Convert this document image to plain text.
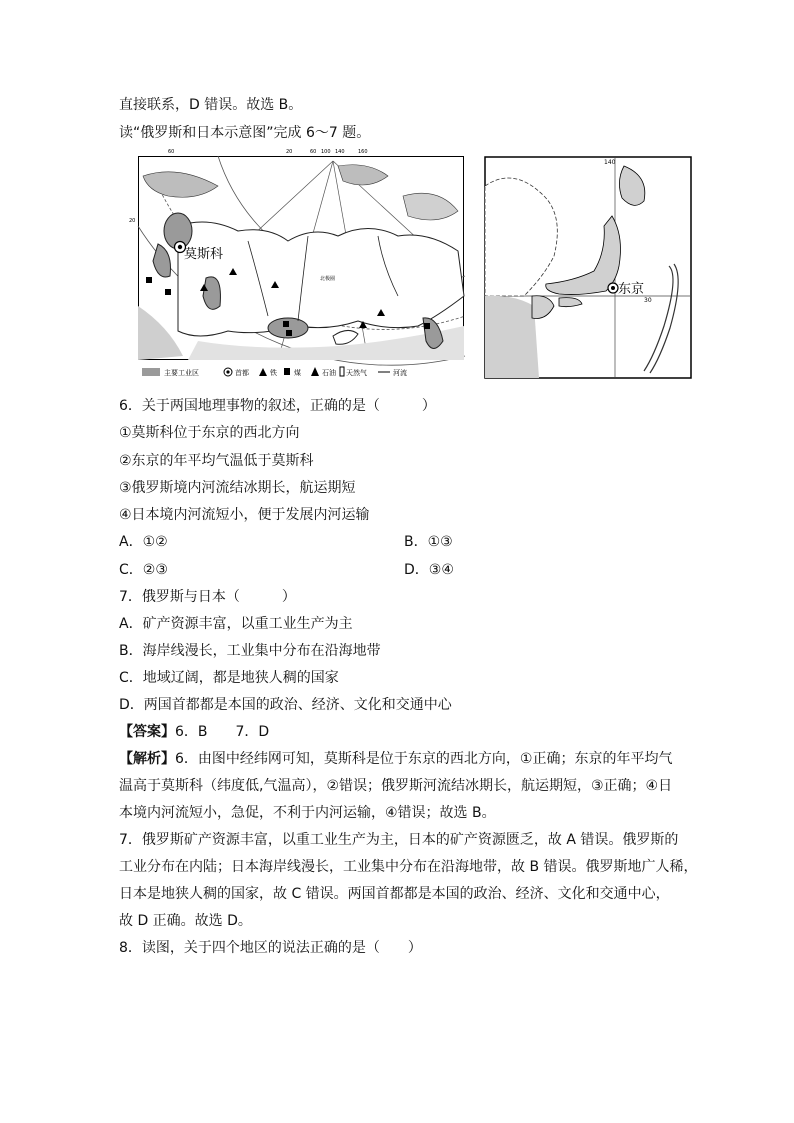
直接联系，D 错误。故选 B。
读“俄罗斯和日本示意图”完成 6～7 题。
莫斯科
北极圈
60	20	60 100 140	160
20
主要工业区	首都	铁 煤	石油 天然气	河流
140
30
东京
6．关于两国地理事物的叙述，正确的是（　　　）
①莫斯科位于东京的西北方向
②东京的年平均气温低于莫斯科
③俄罗斯境内河流结冰期长，航运期短
④日本境内河流短小，便于发展内河运输
A．①②	B．①③
C．②③	D．③④
7．俄罗斯与日本（　　　）
A．矿产资源丰富，以重工业生产为主
B．海岸线漫长，工业集中分布在沿海地带
C．地域辽阔，都是地狭人稠的国家
D．两国首都都是本国的政治、经济、文化和交通中心
【答案】6．B　　7．D
【解析】6．由图中经纬网可知，莫斯科是位于东京的西北方向，①正确；东京的年平均气
温高于莫斯科（纬度低,气温高），②错误；俄罗斯河流结冰期长，航运期短，③正确；④日
本境内河流短小，急促，不利于内河运输，④错误；故选 B。
7．俄罗斯矿产资源丰富，以重工业生产为主，日本的矿产资源匮乏，故 A 错误。俄罗斯的
工业分布在内陆；日本海岸线漫长，工业集中分布在沿海地带，故 B 错误。俄罗斯地广人稀，
日本是地狭人稠的国家，故 C 错误。两国首都都是本国的政治、经济、文化和交通中心，
故 D 正确。故选 D。
8．读图，关于四个地区的说法正确的是（　　）
